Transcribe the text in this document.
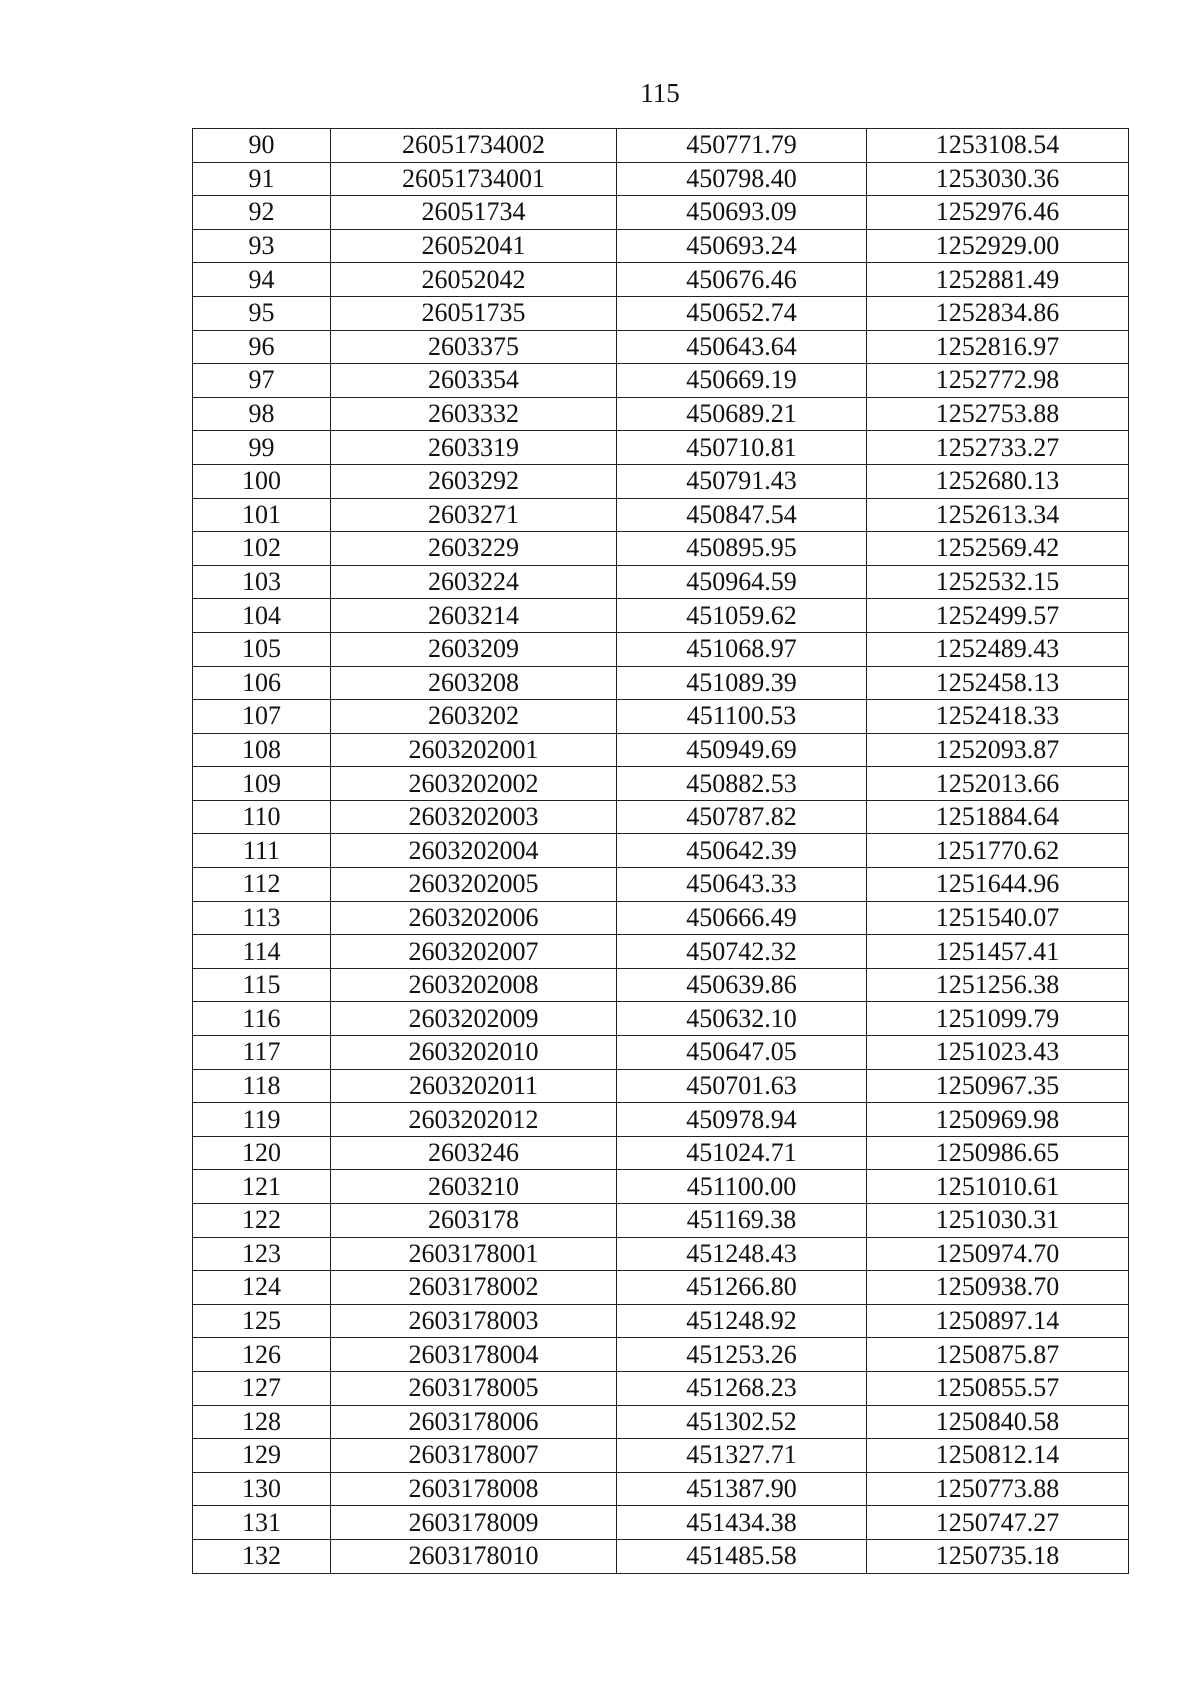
115
90	26051734002	450771.79	1253108.54
91	26051734001	450798.40	1253030.36
92	26051734	450693.09	1252976.46
93	26052041	450693.24	1252929.00
94	26052042	450676.46	1252881.49
95	26051735	450652.74	1252834.86
96	2603375	450643.64	1252816.97
97	2603354	450669.19	1252772.98
98	2603332	450689.21	1252753.88
99	2603319	450710.81	1252733.27
100	2603292	450791.43	1252680.13
101	2603271	450847.54	1252613.34
102	2603229	450895.95	1252569.42
103	2603224	450964.59	1252532.15
104	2603214	451059.62	1252499.57
105	2603209	451068.97	1252489.43
106	2603208	451089.39	1252458.13
107	2603202	451100.53	1252418.33
108	2603202001	450949.69	1252093.87
109	2603202002	450882.53	1252013.66
110	2603202003	450787.82	1251884.64
111	2603202004	450642.39	1251770.62
112	2603202005	450643.33	1251644.96
113	2603202006	450666.49	1251540.07
114	2603202007	450742.32	1251457.41
115	2603202008	450639.86	1251256.38
116	2603202009	450632.10	1251099.79
117	2603202010	450647.05	1251023.43
118	2603202011	450701.63	1250967.35
119	2603202012	450978.94	1250969.98
120	2603246	451024.71	1250986.65
121	2603210	451100.00	1251010.61
122	2603178	451169.38	1251030.31
123	2603178001	451248.43	1250974.70
124	2603178002	451266.80	1250938.70
125	2603178003	451248.92	1250897.14
126	2603178004	451253.26	1250875.87
127	2603178005	451268.23	1250855.57
128	2603178006	451302.52	1250840.58
129	2603178007	451327.71	1250812.14
130	2603178008	451387.90	1250773.88
131	2603178009	451434.38	1250747.27
132	2603178010	451485.58	1250735.18
